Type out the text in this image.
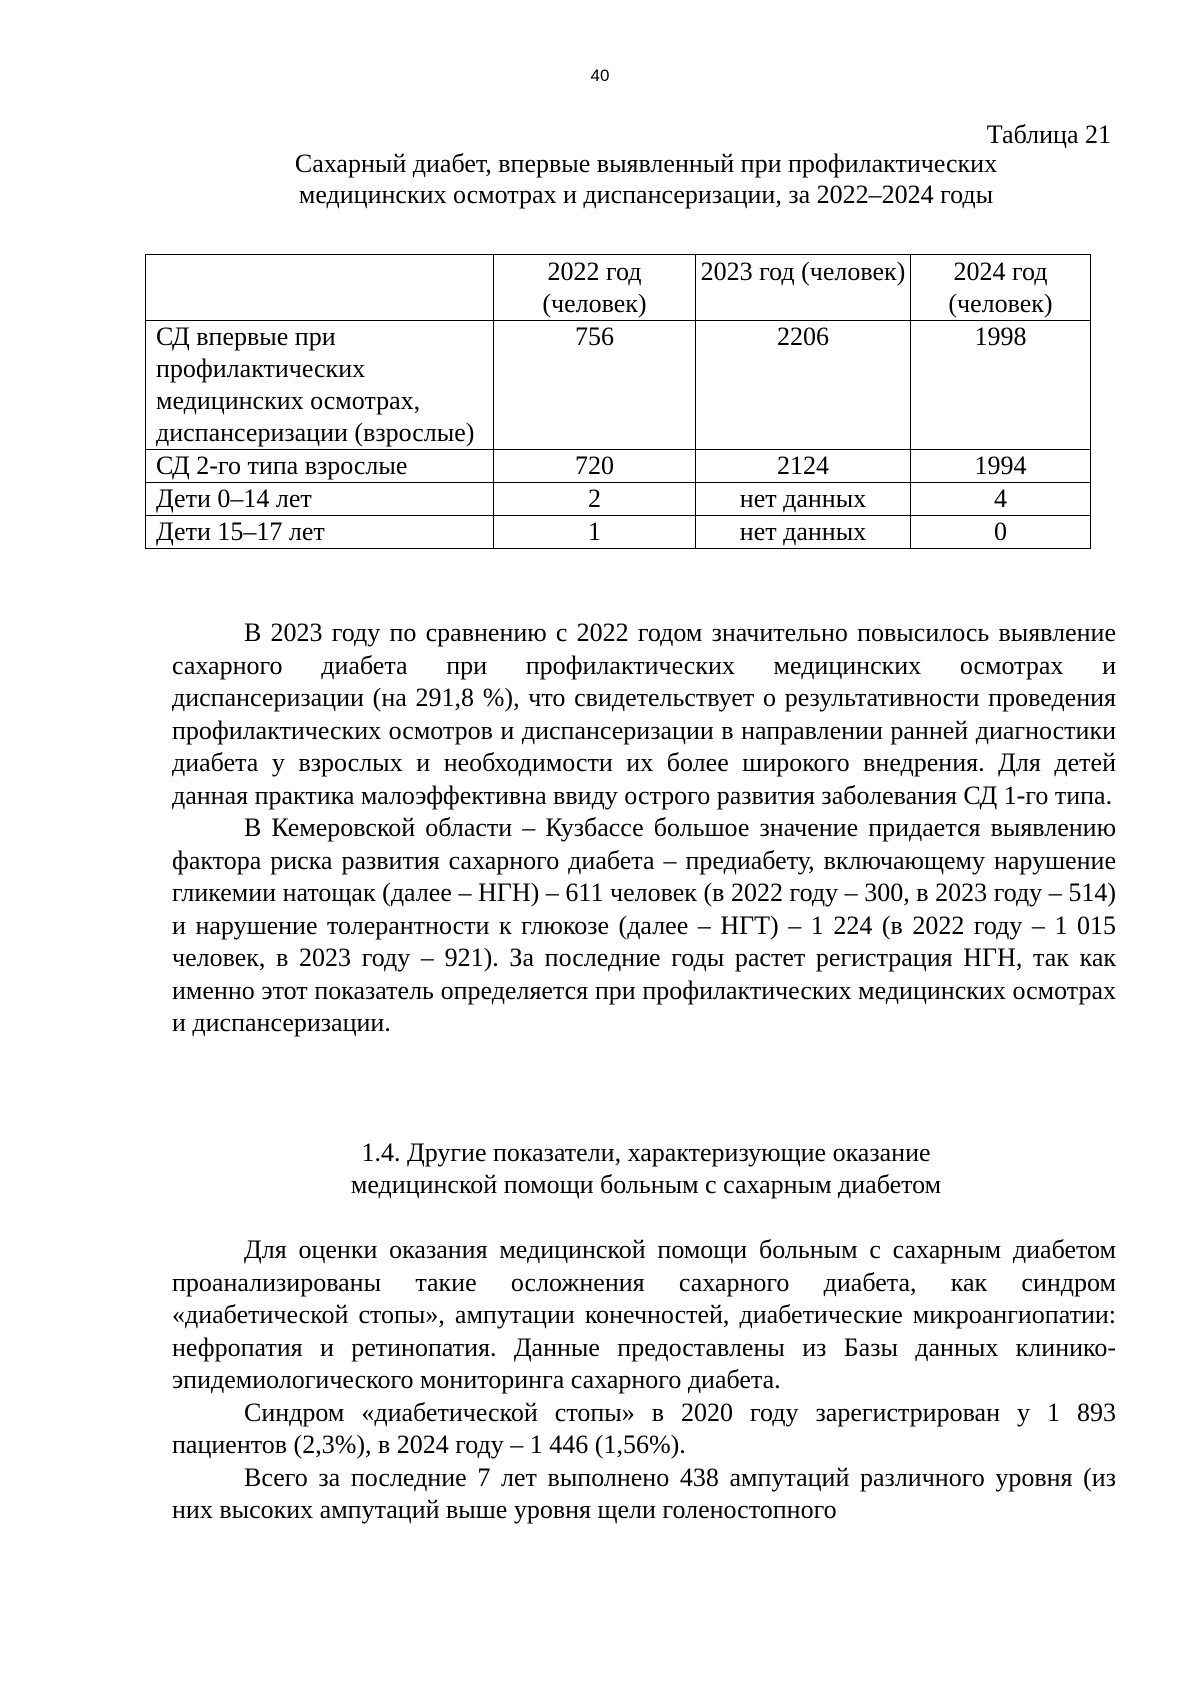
40
Таблица 21
Сахарный диабет, впервые выявленный при профилактических
медицинских осмотрах и диспансеризации, за 2022–2024 годы
	2022 год (человек)	2023 год (человек)	2024 год (человек)
СД впервые при профилактических медицинских осмотрах, диспансеризации (взрослые)	756	2206	1998
СД 2-го типа взрослые	720	2124	1994
Дети 0–14 лет	2	нет данных	4
Дети 15–17 лет	1	нет данных	0

В 2023 году по сравнению с 2022 годом значительно повысилось выявление сахарного диабета при профилактических медицинских осмотрах и диспансеризации (на 291,8 %), что свидетельствует о результативности проведения профилактических осмотров и диспансеризации в направлении ранней диагностики диабета у взрослых и необходимости их более широкого внедрения. Для детей данная практика малоэффективна ввиду острого развития заболевания СД 1-го типа.

В Кемеровской области – Кузбассе большое значение придается выявлению фактора риска развития сахарного диабета – предиабету, включающему нарушение гликемии натощак (далее – НГН) – 611 человек (в 2022 году – 300, в 2023 году – 514) и нарушение толерантности к глюкозе (далее – НГТ) – 1 224 (в 2022 году – 1 015 человек, в 2023 году – 921). За последние годы растет регистрация НГН, так как именно этот показатель определяется при профилактических медицинских осмотрах и диспансеризации.

1.4. Другие показатели, характеризующие оказание
медицинской помощи больным с сахарным диабетом

Для оценки оказания медицинской помощи больным с сахарным диабетом проанализированы такие осложнения сахарного диабета, как синдром «диабетической стопы», ампутации конечностей, диабетические микроангиопатии: нефропатия и ретинопатия. Данные предоставлены из Базы данных клинико-эпидемиологического мониторинга сахарного диабета.

Синдром «диабетической стопы» в 2020 году зарегистрирован у 1 893 пациентов (2,3%), в 2024 году – 1 446 (1,56%).

Всего за последние 7 лет выполнено 438 ампутаций различного уровня (из них высоких ампутаций выше уровня щели голеностопного
